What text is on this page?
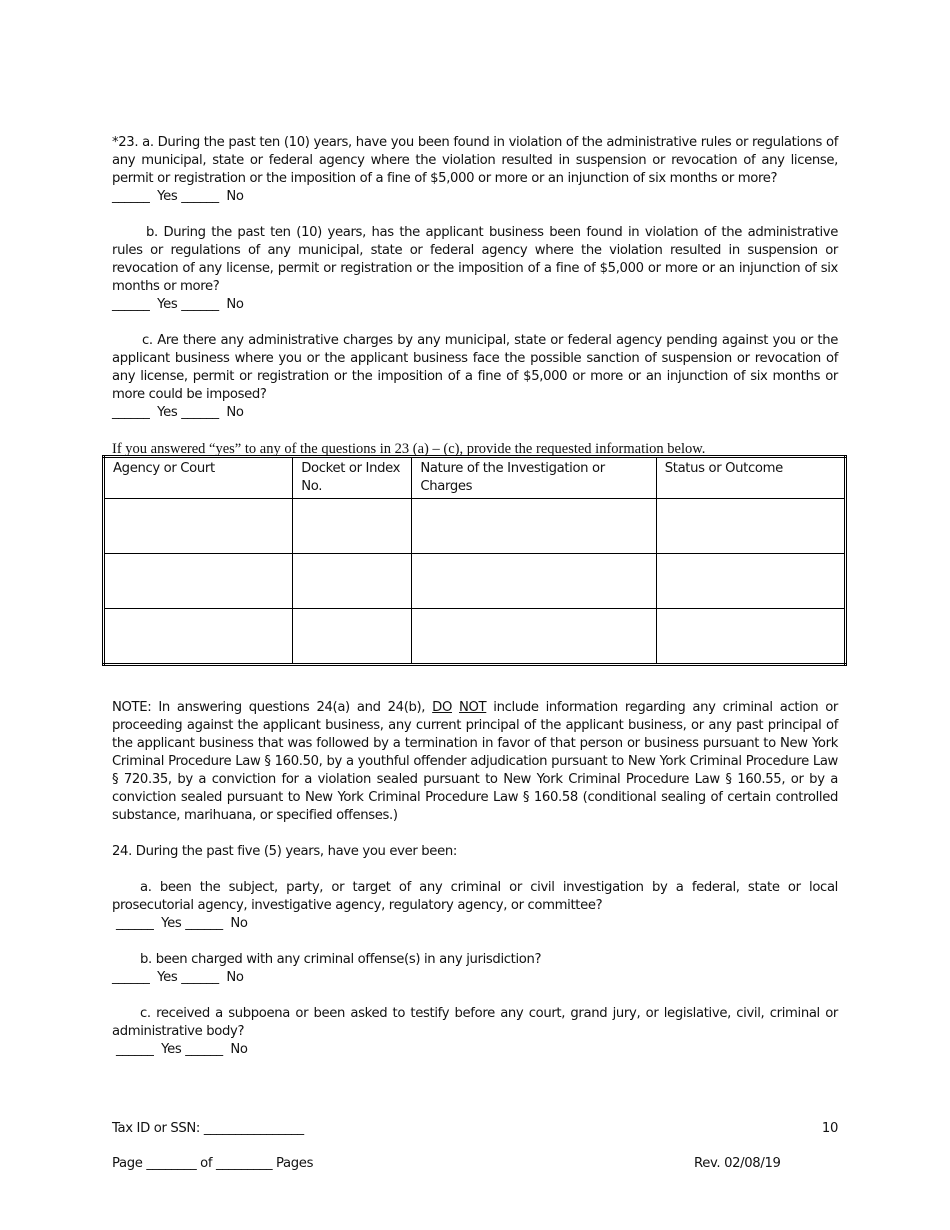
*23. a. During the past ten (10) years, have you been found in violation of the administrative rules or regulations of any municipal, state or federal agency where the violation resulted in suspension or revocation of any license, permit or registration or the imposition of a fine of $5,000 or more or an injunction of six months or more?

______ Yes ______ No

b. During the past ten (10) years, has the applicant business been found in violation of the administrative rules or regulations of any municipal, state or federal agency where the violation resulted in suspension or revocation of any license, permit or registration or the imposition of a fine of $5,000 or more or an injunction of six months or more?

______ Yes ______ No

c. Are there any administrative charges by any municipal, state or federal agency pending against you or the applicant business where you or the applicant business face the possible sanction of suspension or revocation of any license, permit or registration or the imposition of a fine of $5,000 or more or an injunction of six months or more could be imposed?

______ Yes ______ No

If you answered “yes” to any of the questions in 23 (a) – (c), provide the requested information below.

Agency or Court	Docket or Index No.	Nature of the Investigation or Charges	Status or Outcome

NOTE: In answering questions 24(a) and 24(b), DO NOT include information regarding any criminal action or proceeding against the applicant business, any current principal of the applicant business, or any past principal of the applicant business that was followed by a termination in favor of that person or business pursuant to New York Criminal Procedure Law § 160.50, by a youthful offender adjudication pursuant to New York Criminal Procedure Law § 720.35, by a conviction for a violation sealed pursuant to New York Criminal Procedure Law § 160.55, or by a conviction sealed pursuant to New York Criminal Procedure Law § 160.58 (conditional sealing of certain controlled substance, marihuana, or specified offenses.)

24. During the past five (5) years, have you ever been:

a. been the subject, party, or target of any criminal or civil investigation by a federal, state or local prosecutorial agency, investigative agency, regulatory agency, or committee?

______ Yes ______ No

b. been charged with any criminal offense(s) in any jurisdiction?

______ Yes ______ No

c. received a subpoena or been asked to testify before any court, grand jury, or legislative, civil, criminal or administrative body?

______ Yes ______ No

Tax ID or SSN: ________________	10
Page ________ of _________ Pages	Rev. 02/08/19
